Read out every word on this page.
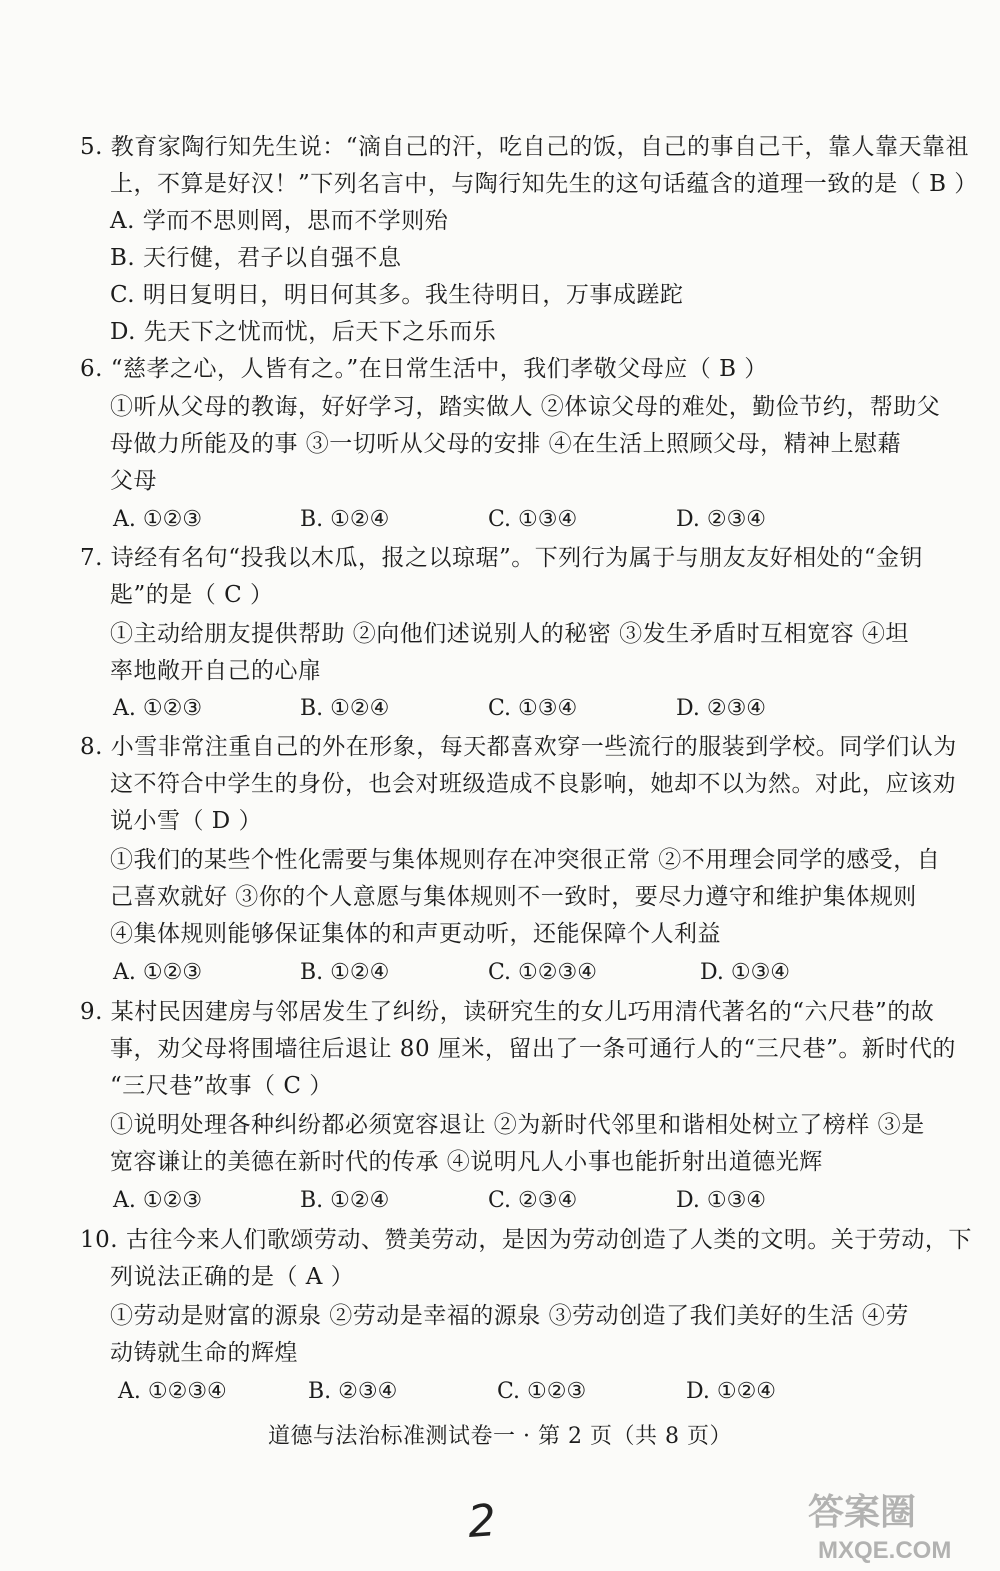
5. 教育家陶行知先生说：“滴自己的汗，吃自己的饭，自己的事自己干，靠人靠天靠祖
上，不算是好汉！”下列名言中，与陶行知先生的这句话蕴含的道理一致的是（ B ）
A. 学而不思则罔，思而不学则殆
B. 天行健，君子以自强不息
C. 明日复明日，明日何其多。我生待明日，万事成蹉跎
D. 先天下之忧而忧，后天下之乐而乐
6. “慈孝之心，人皆有之。”在日常生活中，我们孝敬父母应（ B ）
①听从父母的教诲，好好学习，踏实做人 ②体谅父母的难处，勤俭节约，帮助父
母做力所能及的事 ③一切听从父母的安排 ④在生活上照顾父母，精神上慰藉
父母
A. ①②③	B. ①②④	C. ①③④	D. ②③④
7. 诗经有名句“投我以木瓜，报之以琼琚”。下列行为属于与朋友友好相处的“金钥
匙”的是（ C ）
①主动给朋友提供帮助 ②向他们述说别人的秘密 ③发生矛盾时互相宽容 ④坦
率地敞开自己的心扉
A. ①②③	B. ①②④	C. ①③④	D. ②③④
8. 小雪非常注重自己的外在形象，每天都喜欢穿一些流行的服装到学校。同学们认为
这不符合中学生的身份，也会对班级造成不良影响，她却不以为然。对此，应该劝
说小雪（ D ）
①我们的某些个性化需要与集体规则存在冲突很正常 ②不用理会同学的感受，自
己喜欢就好 ③你的个人意愿与集体规则不一致时，要尽力遵守和维护集体规则
④集体规则能够保证集体的和声更动听，还能保障个人利益
A. ①②③	B. ①②④	C. ①②③④	D. ①③④
9. 某村民因建房与邻居发生了纠纷，读研究生的女儿巧用清代著名的“六尺巷”的故
事，劝父母将围墙往后退让 80 厘米，留出了一条可通行人的“三尺巷”。新时代的
“三尺巷”故事（ C ）
①说明处理各种纠纷都必须宽容退让 ②为新时代邻里和谐相处树立了榜样 ③是
宽容谦让的美德在新时代的传承 ④说明凡人小事也能折射出道德光辉
A. ①②③	B. ①②④	C. ②③④	D. ①③④
10. 古往今来人们歌颂劳动、赞美劳动，是因为劳动创造了人类的文明。关于劳动，下
列说法正确的是（ A ）
①劳动是财富的源泉 ②劳动是幸福的源泉 ③劳动创造了我们美好的生活 ④劳
动铸就生命的辉煌
A. ①②③④	B. ②③④	C. ①②③	D. ①②④
道德与法治标准测试卷一 · 第 2 页（共 8 页）
2	答案圈
MXQE.COM
